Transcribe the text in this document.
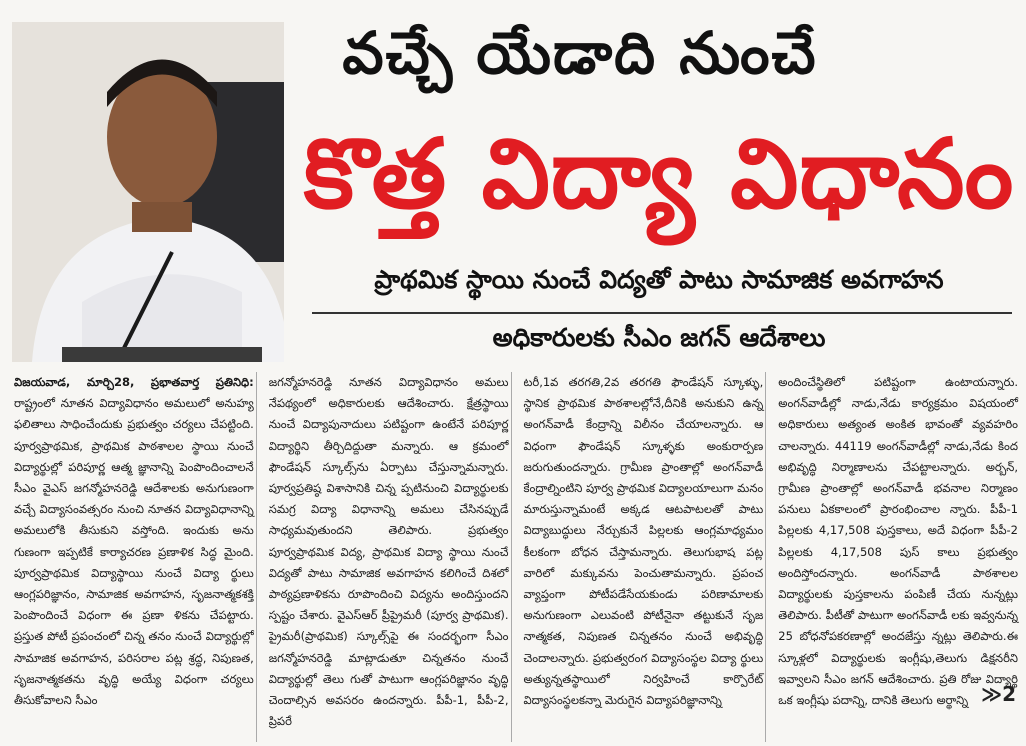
వచ్చే యేడాది నుంచే
కొత్త విద్యా విధానం
ప్రాథమిక స్థాయి నుంచే విద్యతో పాటు సామాజిక అవగాహన
అధికారులకు సీఎం జగన్ ఆదేశాలు

విజయవాడ, మార్చి28, ప్రభాతవార్త ప్రతినిధి: రాష్ట్రంలో నూతన విద్యావిధానం అమలులో అనుహ్య ఫలితాలు సాధించేందుకు ప్రభుత్వం చర్యలు చేపట్టింది. పూర్వప్రాథమిక, ప్రాథమిక పాఠశాలల స్థాయి నుంచే విద్యార్థుల్లో పరిపూర్ణ ఆత్మ జ్ఞానాన్ని పెంపొందించాలనే సీఎం వైఎస్ జగన్మోహనరెడ్డి ఆదేశాలకు అనుగుణంగా వచ్చే విద్యాసంవత్సరం నుంచి నూతన విద్యావిధానాన్ని అమలులోకి తీసుకుని వస్తోంది. ఇందుకు అను గుణంగా ఇప్పటికే కార్యాచరణ ప్రణాళిక సిద్ధ మైంది. పూర్వప్రాథమిక విద్యాస్థాయి నుంచే విద్యా ర్థులు ఆంగ్లపరిజ్ఞానం, సామాజిక అవగాహన, సృజనాత్మకశక్తి పెంపొందించే విధంగా ఈ ప్రణా ళికను చేపట్టారు. ప్రస్తుత పోటీ ప్రపంచంలో చిన్న తనం నుంచే విద్యార్థుల్లో సామాజిక అవగాహన, పరిసరాల పట్ల శ్రద్ధ, నిపుణత, సృజనాత్మకతను వృద్ధి అయ్యే విధంగా చర్యలు తీసుకోవాలని సీఎం

జగన్మోహనరెడ్డి నూతన విద్యావిధానం అమలు నేపథ్యంలో అధికారులకు ఆదేశించారు. క్షేత్రస్థాయి నుంచే విద్యాపునాదులు పటిష్టంగా ఉంటేనే పరిపూర్ణ విద్యార్థిని తీర్చిదిద్దుతా మన్నారు. ఆ క్రమంలో ఫౌండేషన్ స్కూల్స్‌ను ఏర్పాటు చేస్తున్నామన్నారు. పూర్వప్రతిష్ఠ విశాసానికి చిన్న ప్పటినుంచి విద్యార్థులకు సమగ్ర విద్యా విధానాన్ని అమలు చేసినప్పుడే సాధ్యమవుతుందని తెలిపారు. ప్రభుత్వం పూర్వప్రాథమిక విద్య, ప్రాథమిక విద్యా స్థాయి నుంచే విద్యతో పాటు సామాజిక అవగాహన కలిగించే దిశలో పాఠ్యప్రణాళికను రూపొందించి విద్యను అందిస్తుందని స్పష్టం చేశారు. వైఎస్ఆర్ ప్రీప్రైమరీ (పూర్వ ప్రాథమిక). ప్రైమరీ(ప్రాథమిక) స్కూల్స్‌పై ఈ సందర్భంగా సీఎం జగన్మోహనరెడ్డి మాట్లాడుతూ చిన్నతనం నుంచే విద్యార్థుల్లో తెలు గుతో పాటుగా ఆంగ్లపరిజ్ఞానం వృద్ధి చెందాల్సిన అవసరం ఉందన్నారు. పీపీ-1, పీపీ-2, ప్రిపరే

టరీ,1వ తరగతి,2వ తరగతి ఫౌండేషన్ స్కూళ్ళు, స్థానిక ప్రాథమిక పాఠశాలల్లోనే,దీనికి అనుకుని ఉన్న అంగన్‌వాడీ కేంద్రాన్ని విలీనం చేయాలన్నారు. ఆ విధంగా ఫౌండేషన్ స్కూళ్ళకు అంకురార్పణ జరుగుతుందన్నారు. గ్రామీణ ప్రాంతాల్లో అంగన్‌వాడీ కేంద్రాల్నింటిని పూర్వ ప్రాథమిక విద్యాలయాలుగా మనం మారుస్తున్నామంటే అక్కడ ఆటపాటలతో పాటు విద్యాబుద్ధులు నేర్చుకునే పిల్లలకు ఆంగ్లమాధ్యమం కీలకంగా బోధన చేస్తామన్నారు. తెలుగుభాష పట్ల వారిలో మక్కువను పెంచుతామన్నారు. ప్రపంచ వ్యాప్తంగా పోటీపడేసేయకుండు పరిణామాలకు అనుగుణంగా ఎలువంటి పోటీనైనా తట్టుకునే సృజ నాత్మకత, నిపుణత చిన్నతనం నుంచే అభివృద్ధి చెందాలన్నారు. ప్రభుత్వరంగ విద్యాసంస్థల విద్యా ర్థులు అత్యున్నతస్థాయిలో నిర్వహించే కార్పొరేట్ విద్యాసంస్థలకన్నా మెరుగైన విద్యాపరిజ్ఞానాన్ని

అందించేస్థితిలో పటిష్టంగా ఉంటాయన్నారు. అంగన్‌వాడీల్లో నాడు,నేడు కార్యక్రమం విషయంలో అధికారులు అత్యంత అంకిత భావంతో వ్యవహరిం చాలన్నారు. 44119 అంగన్‌వాడీల్లో నాడు,నేడు కింద అభివృద్ధి నిర్మాణాలను చేపట్టాలన్నారు. అర్బన్, గ్రామీణ ప్రాంతాల్లో అంగన్‌వాడీ భవనాల నిర్మాణం పనులు ఏకకాలంలో ప్రారంభించాల న్నారు. పీపీ-1 పిల్లలకు 4,17,508 పుస్తకాలు, అదే విధంగా పీపీ-2 పిల్లలకు 4,17,508 పుస్ కాలు ప్రభుత్వం అందిస్తోందన్నారు. అంగన్‌వాడీ పాఠశాలల విద్యార్థులకు పుస్తకాలను పంపిణీ చేయ నున్నట్లు తెలిపారు. పీటీతో పాటుగా అంగన్‌వాడీ లకు ఇవ్వనున్న 25 బోధనోపకరణాల్లో అందజేస్తు న్నట్లు తెలిపారు.ఈ స్కూళ్లలో విద్యార్థులకు ఇంగ్లీషు,తెలుగు డిక్షనరీని ఇవ్వాలని సీఎం జగన్ ఆదేశించారు. ప్రతి రోజు విద్యార్థి ఒక ఇంగ్లీషు పదాన్ని, దానికి తెలుగు అర్థాన్ని ≫2
